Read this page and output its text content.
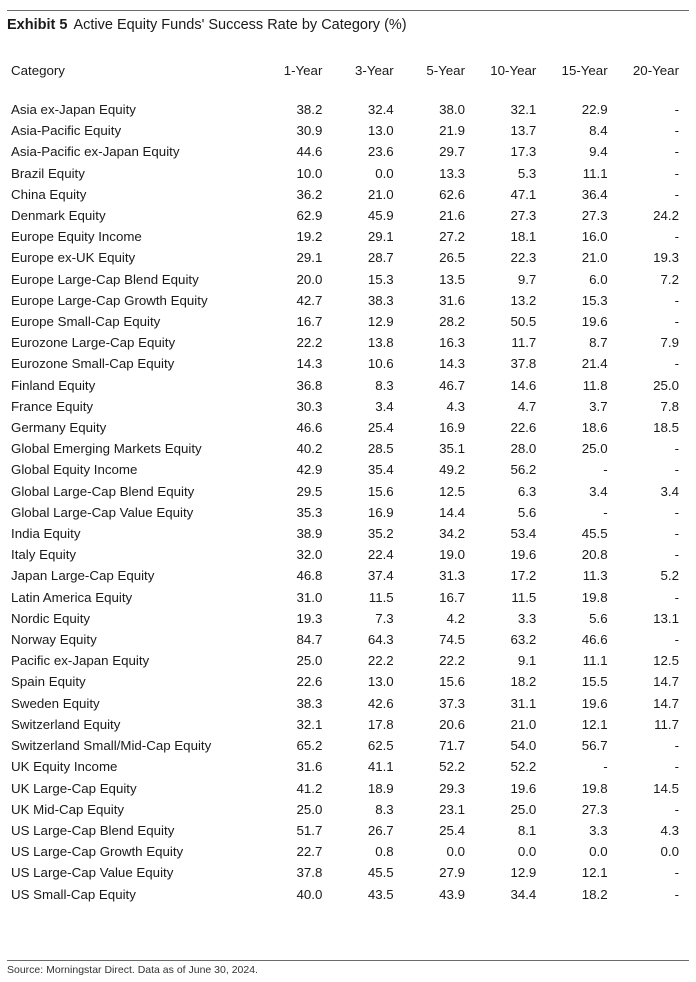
Exhibit 5 Active Equity Funds' Success Rate by Category (%)
Category	1-Year	3-Year	5-Year	10-Year	15-Year	20-Year

Asia ex-Japan Equity	38.2	32.4	38.0	32.1	22.9	-
Asia-Pacific Equity	30.9	13.0	21.9	13.7	8.4	-
Asia-Pacific ex-Japan Equity	44.6	23.6	29.7	17.3	9.4	-
Brazil Equity	10.0	0.0	13.3	5.3	11.1	-
China Equity	36.2	21.0	62.6	47.1	36.4	-
Denmark Equity	62.9	45.9	21.6	27.3	27.3	24.2
Europe Equity Income	19.2	29.1	27.2	18.1	16.0	-
Europe ex-UK Equity	29.1	28.7	26.5	22.3	21.0	19.3
Europe Large-Cap Blend Equity	20.0	15.3	13.5	9.7	6.0	7.2
Europe Large-Cap Growth Equity	42.7	38.3	31.6	13.2	15.3	-
Europe Small-Cap Equity	16.7	12.9	28.2	50.5	19.6	-
Eurozone Large-Cap Equity	22.2	13.8	16.3	11.7	8.7	7.9
Eurozone Small-Cap Equity	14.3	10.6	14.3	37.8	21.4	-
Finland Equity	36.8	8.3	46.7	14.6	11.8	25.0
France Equity	30.3	3.4	4.3	4.7	3.7	7.8
Germany Equity	46.6	25.4	16.9	22.6	18.6	18.5
Global Emerging Markets Equity	40.2	28.5	35.1	28.0	25.0	-
Global Equity Income	42.9	35.4	49.2	56.2	-	-
Global Large-Cap Blend Equity	29.5	15.6	12.5	6.3	3.4	3.4
Global Large-Cap Value Equity	35.3	16.9	14.4	5.6	-	-
India Equity	38.9	35.2	34.2	53.4	45.5	-
Italy Equity	32.0	22.4	19.0	19.6	20.8	-
Japan Large-Cap Equity	46.8	37.4	31.3	17.2	11.3	5.2
Latin America Equity	31.0	11.5	16.7	11.5	19.8	-
Nordic Equity	19.3	7.3	4.2	3.3	5.6	13.1
Norway Equity	84.7	64.3	74.5	63.2	46.6	-
Pacific ex-Japan Equity	25.0	22.2	22.2	9.1	11.1	12.5
Spain Equity	22.6	13.0	15.6	18.2	15.5	14.7
Sweden Equity	38.3	42.6	37.3	31.1	19.6	14.7
Switzerland Equity	32.1	17.8	20.6	21.0	12.1	11.7
Switzerland Small/Mid-Cap Equity	65.2	62.5	71.7	54.0	56.7	-
UK Equity Income	31.6	41.1	52.2	52.2	-	-
UK Large-Cap Equity	41.2	18.9	29.3	19.6	19.8	14.5
UK Mid-Cap Equity	25.0	8.3	23.1	25.0	27.3	-
US Large-Cap Blend Equity	51.7	26.7	25.4	8.1	3.3	4.3
US Large-Cap Growth Equity	22.7	0.8	0.0	0.0	0.0	0.0
US Large-Cap Value Equity	37.8	45.5	27.9	12.9	12.1	-
US Small-Cap Equity	40.0	43.5	43.9	34.4	18.2	-
Source: Morningstar Direct. Data as of June 30, 2024.
